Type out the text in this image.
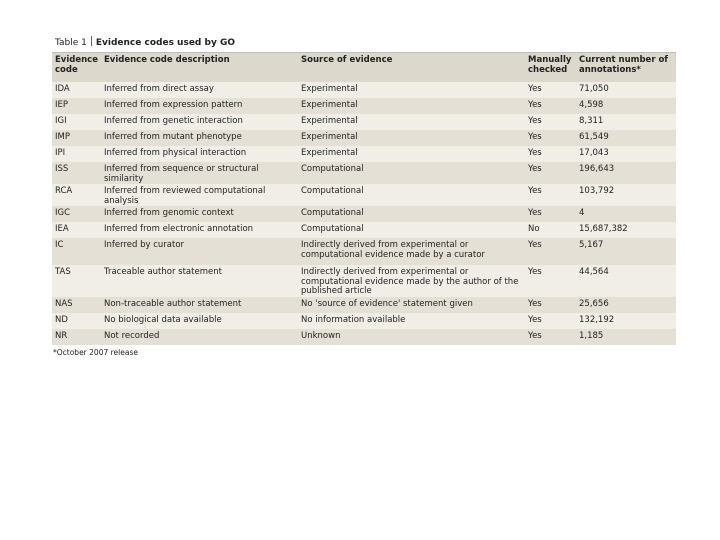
Table 1 Evidence codes used by GO
Evidence code	Evidence code description	Source of evidence	Manually checked	Current number of annotations*
IDA	Inferred from direct assay	Experimental	Yes	71,050
IEP	Inferred from expression pattern	Experimental	Yes	4,598
IGI	Inferred from genetic interaction	Experimental	Yes	8,311
IMP	Inferred from mutant phenotype	Experimental	Yes	61,549
IPI	Inferred from physical interaction	Experimental	Yes	17,043
ISS	Inferred from sequence or structural similarity	Computational	Yes	196,643
RCA	Inferred from reviewed computational analysis	Computational	Yes	103,792
IGC	Inferred from genomic context	Computational	Yes	4
IEA	Inferred from electronic annotation	Computational	No	15,687,382
IC	Inferred by curator	Indirectly derived from experimental or computational evidence made by a curator	Yes	5,167
TAS	Traceable author statement	Indirectly derived from experimental or computational evidence made by the author of the published article	Yes	44,564
NAS	Non-traceable author statement	No 'source of evidence' statement given	Yes	25,656
ND	No biological data available	No information available	Yes	132,192
NR	Not recorded	Unknown	Yes	1,185
*October 2007 release
